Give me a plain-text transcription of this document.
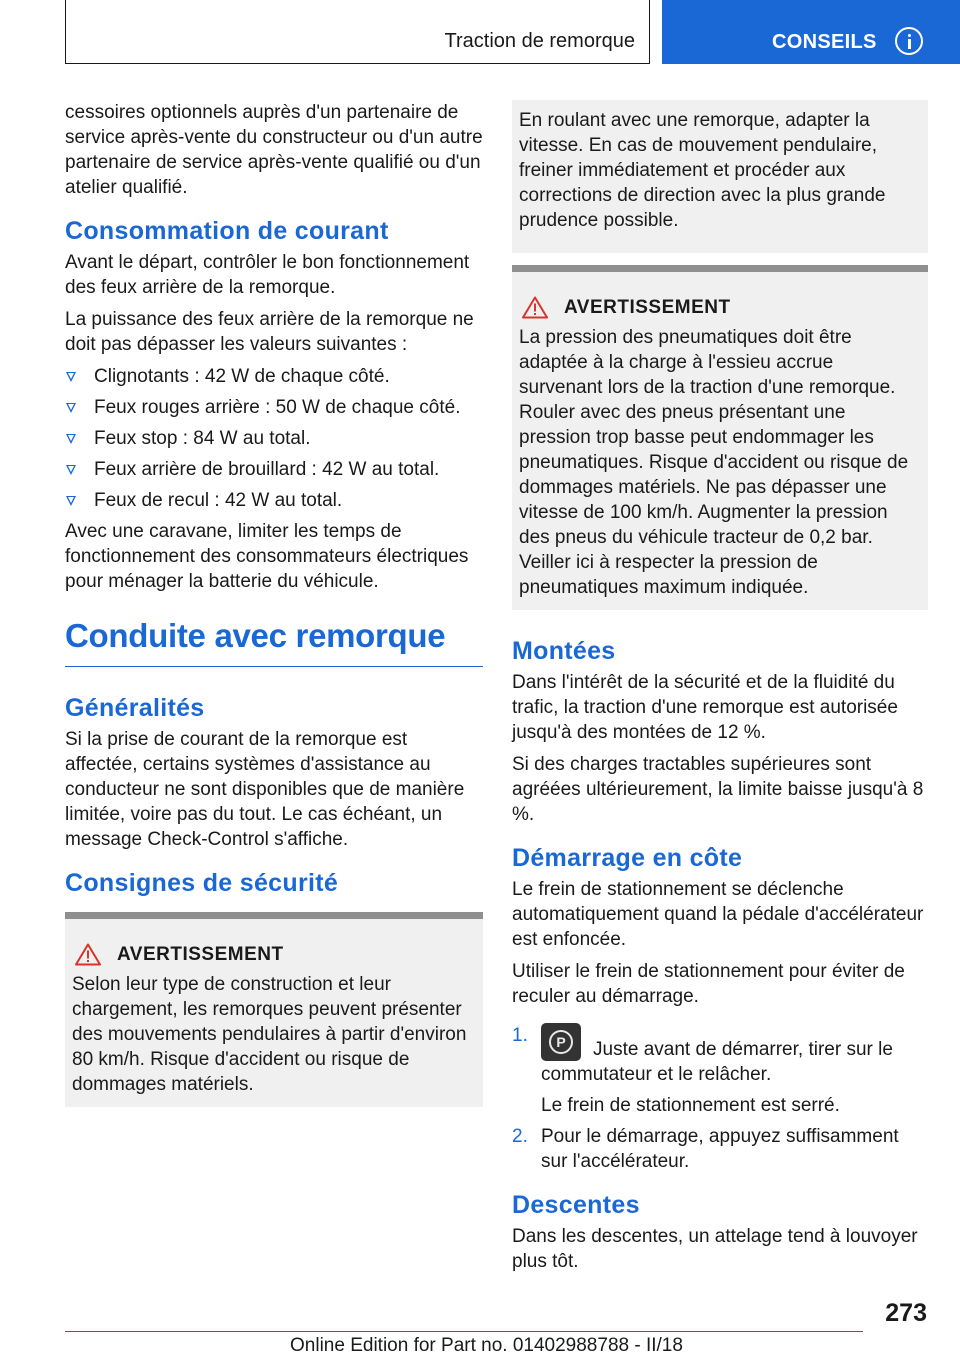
Traction de remorque	CONSEILS

cessoires optionnels auprès d'un partenaire de service après-vente du constructeur ou d'un autre partenaire de service après-vente qualifié ou d'un atelier qualifié.

Consommation de courant

Avant le départ, contrôler le bon fonctionnement des feux arrière de la remorque.

La puissance des feux arrière de la remorque ne doit pas dépasser les valeurs suivantes :

Clignotants : 42 W de chaque côté.
Feux rouges arrière : 50 W de chaque côté.
Feux stop : 84 W au total.
Feux arrière de brouillard : 42 W au total.
Feux de recul : 42 W au total.

Avec une caravane, limiter les temps de fonctionnement des consommateurs électriques pour ménager la batterie du véhicule.

Conduite avec remorque
Généralités

Si la prise de courant de la remorque est affectée, certains systèmes d'assistance au conducteur ne sont disponibles que de manière limitée, voire pas du tout. Le cas échéant, un message Check-Control s'affiche.

Consignes de sécurité
AVERTISSEMENT

Selon leur type de construction et leur chargement, les remorques peuvent présenter des mouvements pendulaires à partir d'environ 80 km/h. Risque d'accident ou risque de dommages matériels.

En roulant avec une remorque, adapter la vitesse. En cas de mouvement pendulaire, freiner immédiatement et procéder aux corrections de direction avec la plus grande prudence possible.

AVERTISSEMENT

La pression des pneumatiques doit être adaptée à la charge à l'essieu accrue survenant lors de la traction d'une remorque. Rouler avec des pneus présentant une pression trop basse peut endommager les pneumatiques. Risque d'accident ou risque de dommages matériels. Ne pas dépasser une vitesse de 100 km/h. Augmenter la pression des pneus du véhicule tracteur de 0,2 bar. Veiller ici à respecter la pression de pneumatiques maximum indiquée.

Montées

Dans l'intérêt de la sécurité et de la fluidité du trafic, la traction d'une remorque est autorisée jusqu'à des montées de 12 %.

Si des charges tractables supérieures sont agréées ultérieurement, la limite baisse jusqu'à 8 %.

Démarrage en côte

Le frein de stationnement se déclenche automatiquement quand la pédale d'accélérateur est enfoncée.

Utiliser le frein de stationnement pour éviter de reculer au démarrage.

1.	P	Juste avant de démarrer, tirer sur le commutateur et le relâcher.
Le frein de stationnement est serré.
2. Pour le démarrage, appuyez suffisamment sur l'accélérateur.
Descentes

Dans les descentes, un attelage tend à louvoyer plus tôt.

273
Online Edition for Part no. 01402988788 - II/18
